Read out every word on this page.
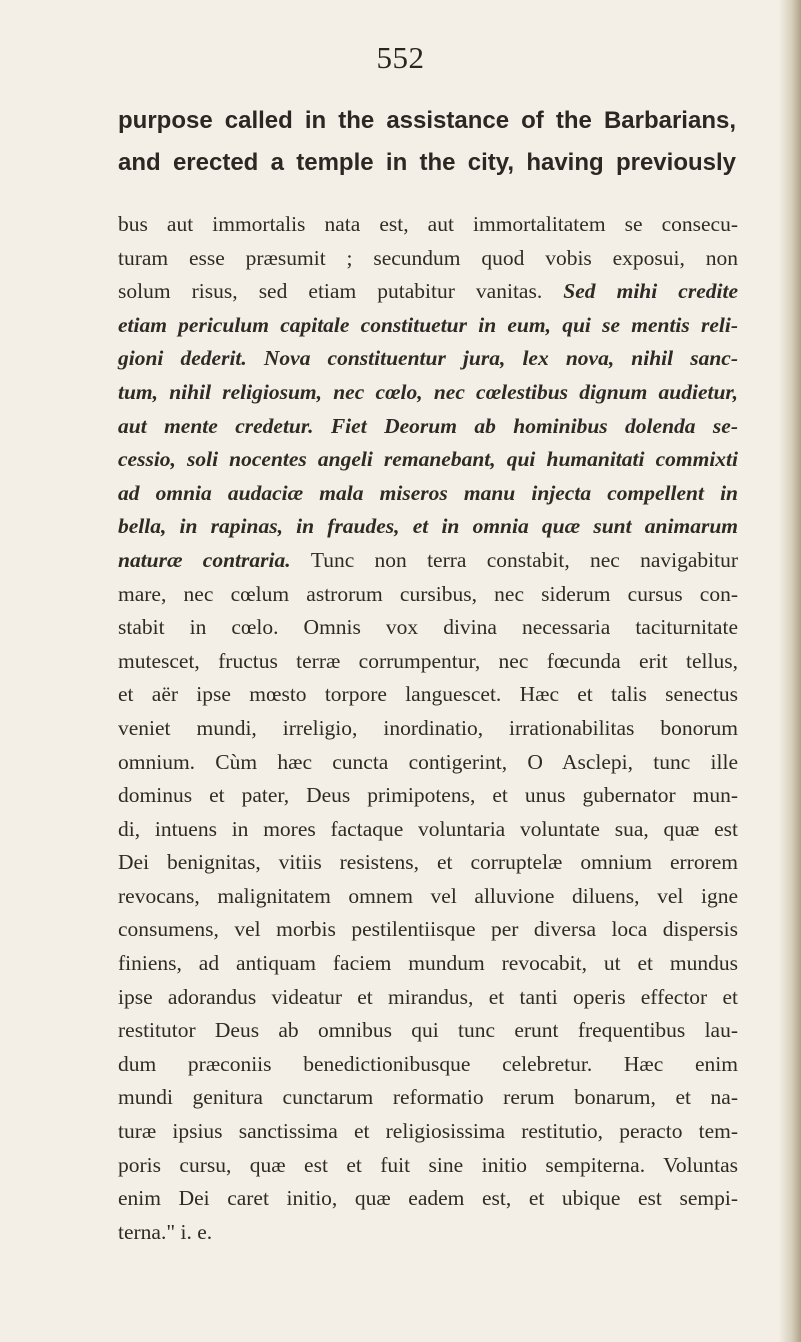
552
purpose called in the assistance of the Barbarians,
and erected a temple in the city, having previously
bus aut immortalis nata est, aut immortalitatem se consecu-
turam esse præsumit ; secundum quod vobis exposui, non
solum risus, sed etiam putabitur vanitas. Sed mihi credite
etiam periculum capitale constituetur in eum, qui se mentis reli-
gioni dederit. Nova constituentur jura, lex nova, nihil sanc-
tum, nihil religiosum, nec cœlo, nec cœlestibus dignum audietur,
aut mente credetur. Fiet Deorum ab hominibus dolenda se-
cessio, soli nocentes angeli remanebant, qui humanitati commixti
ad omnia audaciæ mala miseros manu injecta compellent in
bella, in rapinas, in fraudes, et in omnia quæ sunt animarum
naturæ contraria. Tunc non terra constabit, nec navigabitur
mare, nec cœlum astrorum cursibus, nec siderum cursus con-
stabit in cœlo. Omnis vox divina necessaria taciturnitate
mutescet, fructus terræ corrumpentur, nec fœcunda erit tellus,
et aër ipse mœsto torpore languescet. Hæc et talis senectus
veniet mundi, irreligio, inordinatio, irrationabilitas bonorum
omnium. Cùm hæc cuncta contigerint, O Asclepi, tunc ille
dominus et pater, Deus primipotens, et unus gubernator mun-
di, intuens in mores factaque voluntaria voluntate sua, quæ est
Dei benignitas, vitiis resistens, et corruptelæ omnium errorem
revocans, malignitatem omnem vel alluvione diluens, vel igne
consumens, vel morbis pestilentiisque per diversa loca dispersis
finiens, ad antiquam faciem mundum revocabit, ut et mundus
ipse adorandus videatur et mirandus, et tanti operis effector et
restitutor Deus ab omnibus qui tunc erunt frequentibus lau-
dum præconiis benedictionibusque celebretur. Hæc enim
mundi genitura cunctarum reformatio rerum bonarum, et na-
turæ ipsius sanctissima et religiosissima restitutio, peracto tem-
poris cursu, quæ est et fuit sine initio sempiterna. Voluntas
enim Dei caret initio, quæ eadem est, et ubique est sempi-
terna." i. e.
